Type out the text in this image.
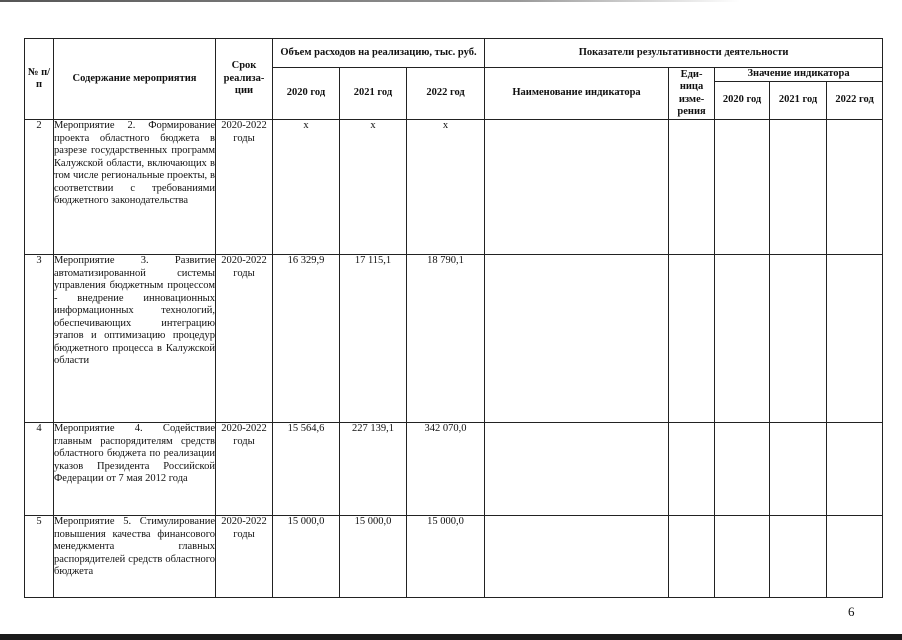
№ п/п	Содержание мероприятия	Срок реализа-ции	Объем расходов на реализацию, тыс. руб.			Показатели результативности деятельности				
			2020 год	2021 год	2022 год	Наименование индикатора	Еди-ница изме-рения	Значение индикатора		
								2020 год	2021 год	2022 год
2	Мероприятие 2. Формирование проекта областного бюджета в разрезе государственных программ Калужской области, включающих в том числе региональные проекты, в соответствии с требованиями бюджетного законодательства	2020-2022 годы	х	х	х					
3	Мероприятие 3. Развитие автоматизированной системы управления бюджетным процессом - внедрение инновационных информационных технологий, обеспечивающих интеграцию этапов и оптимизацию процедур бюджетного процесса в Калужской области	2020-2022 годы	16 329,9	17 115,1	18 790,1					
4	Мероприятие 4. Содействие главным распорядителям средств областного бюджета по реализации указов Президента Российской Федерации от 7 мая 2012 года	2020-2022 годы	15 564,6	227 139,1	342 070,0					
5	Мероприятие 5. Стимулирование повышения качества финансового менеджмента главных распорядителей средств областного бюджета	2020-2022 годы	15 000,0	15 000,0	15 000,0					
6
